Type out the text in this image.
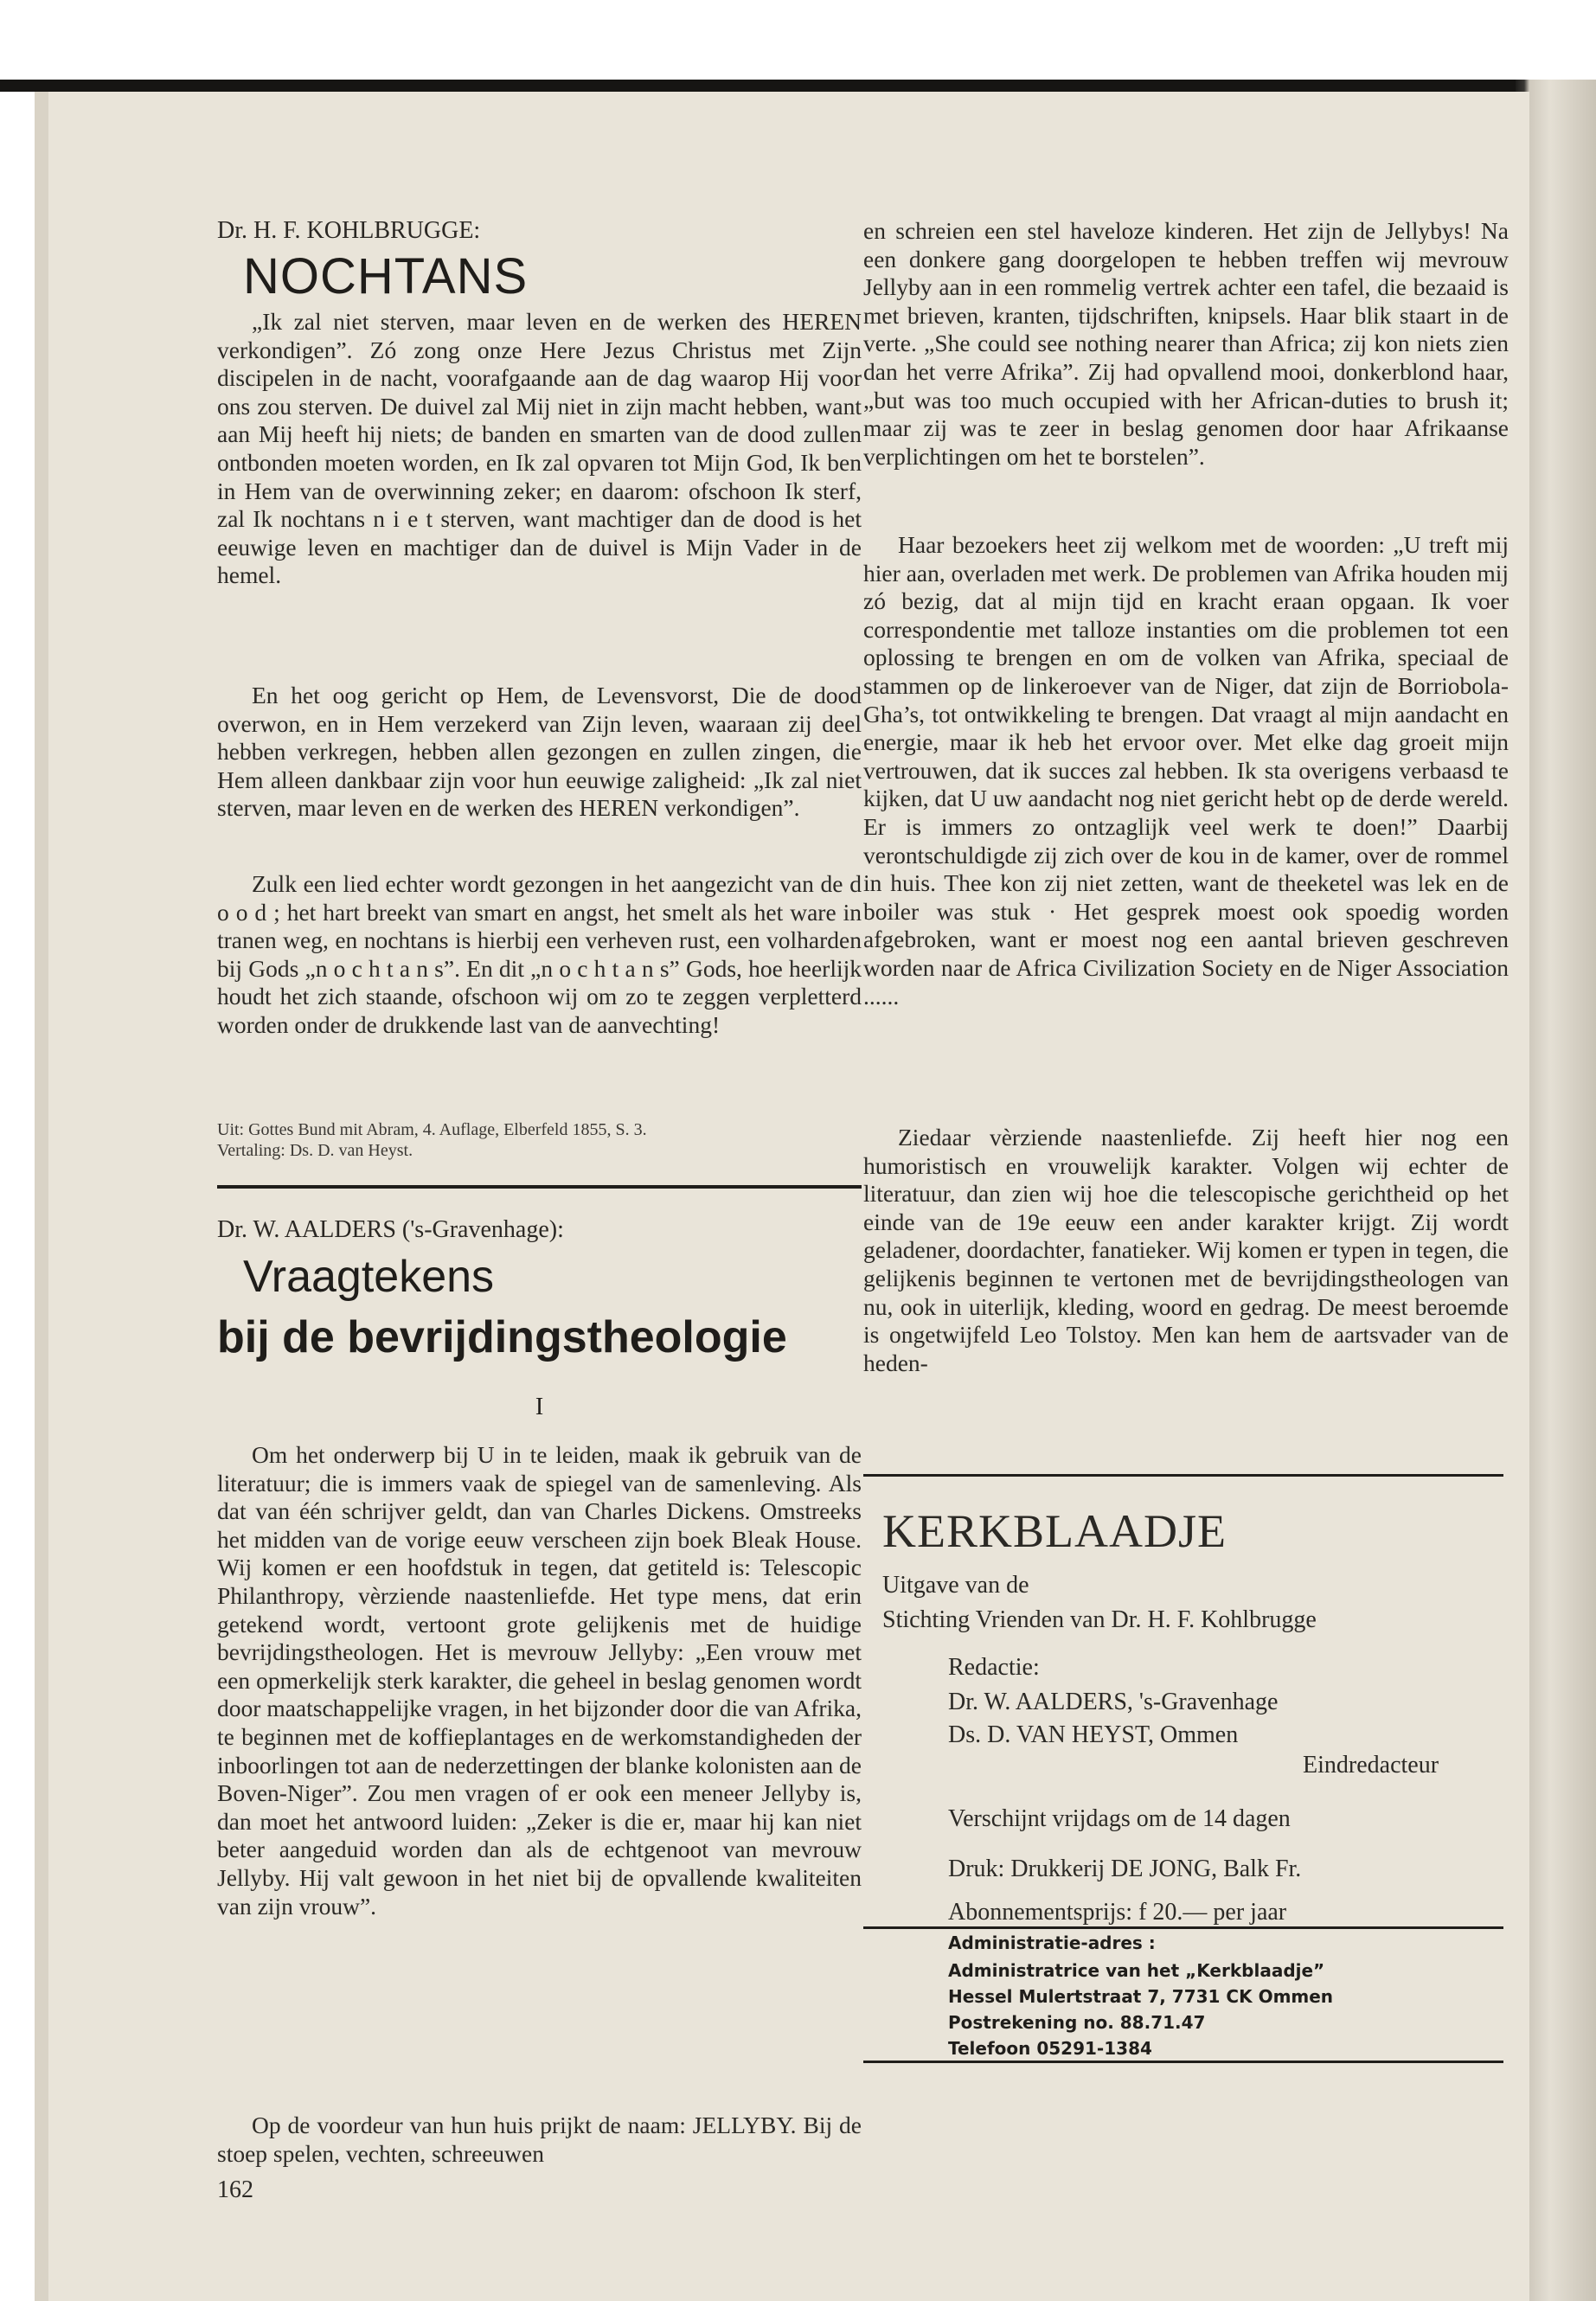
Dr. H. F. KOHLBRUGGE:
NOCHTANS

„Ik zal niet sterven, maar leven en de werken des HEREN verkondigen”. Zó zong onze Here Jezus Christus met Zijn discipelen in de nacht, voorafgaande aan de dag waarop Hij voor ons zou sterven. De duivel zal Mij niet in zijn macht hebben, want aan Mij heeft hij niets; de banden en smarten van de dood zullen ontbonden moeten worden, en Ik zal opvaren tot Mijn God, Ik ben in Hem van de overwinning zeker; en daarom: ofschoon Ik sterf, zal Ik nochtans n i e t sterven, want machtiger dan de dood is het eeuwige leven en machtiger dan de duivel is Mijn Vader in de hemel.

En het oog gericht op Hem, de Levensvorst, Die de dood overwon, en in Hem verzekerd van Zijn leven, waaraan zij deel hebben verkregen, hebben allen gezongen en zullen zingen, die Hem alleen dankbaar zijn voor hun eeuwige zaligheid: „Ik zal niet sterven, maar leven en de werken des HEREN verkondigen”.

Zulk een lied echter wordt gezongen in het aangezicht van de d o o d ; het hart breekt van smart en angst, het smelt als het ware in tranen weg, en nochtans is hierbij een verheven rust, een volharden bij Gods „n o c h t a n s”. En dit „n o c h t a n s” Gods, hoe heerlijk houdt het zich staande, ofschoon wij om zo te zeggen verpletterd worden onder de drukkende last van de aanvechting!

Uit: Gottes Bund mit Abram, 4. Auflage, Elberfeld 1855, S. 3.
Vertaling: Ds. D. van Heyst.

Dr. W. AALDERS ('s-Gravenhage):
Vraagtekens
bij de bevrijdingstheologie
I

Om het onderwerp bij U in te leiden, maak ik gebruik van de literatuur; die is immers vaak de spiegel van de samenleving. Als dat van één schrijver geldt, dan van Charles Dickens. Omstreeks het midden van de vorige eeuw verscheen zijn boek Bleak House. Wij komen er een hoofdstuk in tegen, dat getiteld is: Telescopic Philanthropy, vèrziende naastenliefde. Het type mens, dat erin getekend wordt, vertoont grote gelijkenis met de huidige bevrijdingstheologen. Het is mevrouw Jellyby: „Een vrouw met een opmerkelijk sterk karakter, die geheel in beslag genomen wordt door maatschappelijke vragen, in het bijzonder door die van Afrika, te beginnen met de koffieplantages en de werkomstandigheden der inboorlingen tot aan de nederzettingen der blanke kolonisten aan de Boven-Niger”. Zou men vragen of er ook een meneer Jellyby is, dan moet het antwoord luiden: „Zeker is die er, maar hij kan niet beter aangeduid worden dan als de echtgenoot van mevrouw Jellyby. Hij valt gewoon in het niet bij de opvallende kwaliteiten van zijn vrouw”.

Op de voordeur van hun huis prijkt de naam: JELLYBY. Bij de stoep spelen, vechten, schreeuwen

162

en schreien een stel haveloze kinderen. Het zijn de Jellybys! Na een donkere gang doorgelopen te hebben treffen wij mevrouw Jellyby aan in een rommelig vertrek achter een tafel, die bezaaid is met brieven, kranten, tijdschriften, knipsels. Haar blik staart in de verte. „She could see nothing nearer than Africa; zij kon niets zien dan het verre Afrika”. Zij had opvallend mooi, donkerblond haar, „but was too much occupied with her African-duties to brush it; maar zij was te zeer in beslag genomen door haar Afrikaanse verplichtingen om het te borstelen”.

Haar bezoekers heet zij welkom met de woorden: „U treft mij hier aan, overladen met werk. De problemen van Afrika houden mij zó bezig, dat al mijn tijd en kracht eraan opgaan. Ik voer correspondentie met talloze instanties om die problemen tot een oplossing te brengen en om de volken van Afrika, speciaal de stammen op de linkeroever van de Niger, dat zijn de Borriobola-Gha’s, tot ontwikkeling te brengen. Dat vraagt al mijn aandacht en energie, maar ik heb het ervoor over. Met elke dag groeit mijn vertrouwen, dat ik succes zal hebben. Ik sta overigens verbaasd te kijken, dat U uw aandacht nog niet gericht hebt op de derde wereld. Er is immers zo ontzaglijk veel werk te doen!” Daarbij verontschuldigde zij zich over de kou in de kamer, over de rommel in huis. Thee kon zij niet zetten, want de theeketel was lek en de boiler was stuk · Het gesprek moest ook spoedig worden afgebroken, want er moest nog een aantal brieven geschreven worden naar de Africa Civilization Society en de Niger Association ......

Ziedaar vèrziende naastenliefde. Zij heeft hier nog een humoristisch en vrouwelijk karakter. Volgen wij echter de literatuur, dan zien wij hoe die telescopische gerichtheid op het einde van de 19e eeuw een ander karakter krijgt. Zij wordt geladener, doordachter, fanatieker. Wij komen er typen in tegen, die gelijkenis beginnen te vertonen met de bevrijdingstheologen van nu, ook in uiterlijk, kleding, woord en gedrag. De meest beroemde is ongetwijfeld Leo Tolstoy. Men kan hem de aartsvader van de heden-

KERKBLAADJE
Uitgave van de
Stichting Vrienden van Dr. H. F. Kohlbrugge
Redactie:
Dr. W. AALDERS, 's-Gravenhage
Ds. D. VAN HEYST, Ommen
Eindredacteur
Verschijnt vrijdags om de 14 dagen
Druk: Drukkerij DE JONG, Balk Fr.
Abonnementsprijs: f 20.— per jaar
Administratie-adres :
Administratrice van het „Kerkblaadje”
Hessel Mulertstraat 7, 7731 CK Ommen
Postrekening no. 88.71.47
Telefoon 05291-1384
